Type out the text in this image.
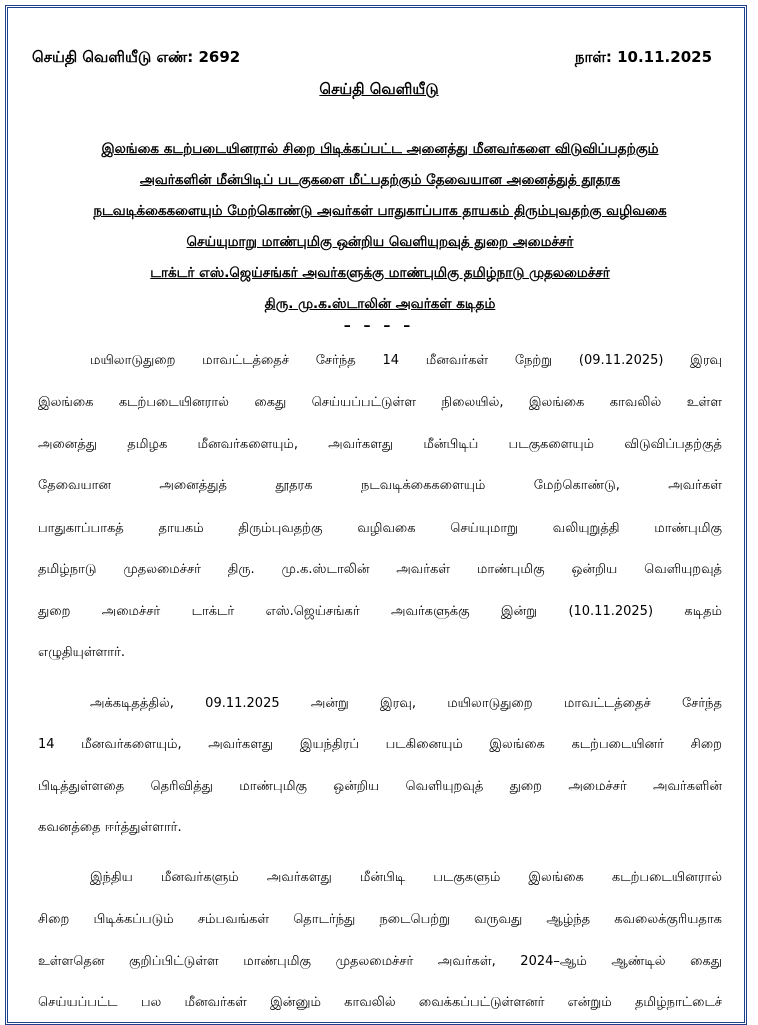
செய்தி வெளியீடு எண்: 2692	நாள்: 10.11.2025
செய்தி வெளியீடு
இலங்கை கடற்படையினரால் சிறை பிடிக்கப்பட்ட அனைத்து மீனவர்களை விடுவிப்பதற்கும்
அவர்களின் மீன்பிடிப் படகுகளை மீட்பதற்கும் தேவையான அனைத்துத் தூதரக
நடவடிக்கைகளையும் மேற்கொண்டு அவர்கள் பாதுகாப்பாக தாயகம் திரும்புவதற்கு வழிவகை
செய்யுமாறு மாண்புமிகு ஒன்றிய வெளியுறவுத் துறை அமைச்சர்
டாக்டர் எஸ்.ஜெய்சங்கர் அவர்களுக்கு மாண்புமிகு தமிழ்நாடு முதலமைச்சர்
திரு. மு.க.ஸ்டாலின் அவர்கள் கடிதம்
– – – –
மயிலாடுதுறை மாவட்டத்தைச் சேர்ந்த 14 மீனவர்கள் நேற்று (09.11.2025) இரவு
இலங்கை கடற்படையினரால் கைது செய்யப்பட்டுள்ள நிலையில், இலங்கை காவலில் உள்ள
அனைத்து தமிழக மீனவர்களையும், அவர்களது மீன்பிடிப் படகுகளையும் விடுவிப்பதற்குத்
தேவையான அனைத்துத் தூதரக நடவடிக்கைகளையும் மேற்கொண்டு, அவர்கள்
பாதுகாப்பாகத் தாயகம் திரும்புவதற்கு வழிவகை செய்யுமாறு வலியுறுத்தி மாண்புமிகு
தமிழ்நாடு முதலமைச்சர் திரு. மு.க.ஸ்டாலின் அவர்கள் மாண்புமிகு ஒன்றிய வெளியுறவுத்
துறை அமைச்சர் டாக்டர் எஸ்.ஜெய்சங்கர் அவர்களுக்கு இன்று (10.11.2025) கடிதம்
எழுதியுள்ளார்.
அக்கடிதத்தில், 09.11.2025 அன்று இரவு, மயிலாடுதுறை மாவட்டத்தைச் சேர்ந்த
14 மீனவர்களையும், அவர்களது இயந்திரப் படகினையும் இலங்கை கடற்படையினர் சிறை
பிடித்துள்ளதை தெரிவித்து மாண்புமிகு ஒன்றிய வெளியுறவுத் துறை அமைச்சர் அவர்களின்
கவனத்தை ஈர்த்துள்ளார்.
இந்திய மீனவர்களும் அவர்களது மீன்பிடி படகுகளும் இலங்கை கடற்படையினரால்
சிறை பிடிக்கப்படும் சம்பவங்கள் தொடர்ந்து நடைபெற்று வருவது ஆழ்ந்த கவலைக்குரியதாக
உள்ளதென குறிப்பிட்டுள்ள மாண்புமிகு முதலமைச்சர் அவர்கள், 2024–ஆம் ஆண்டில் கைது
செய்யப்பட்ட பல மீனவர்கள் இன்னும் காவலில் வைக்கப்பட்டுள்ளனர் என்றும் தமிழ்நாட்டைச்
